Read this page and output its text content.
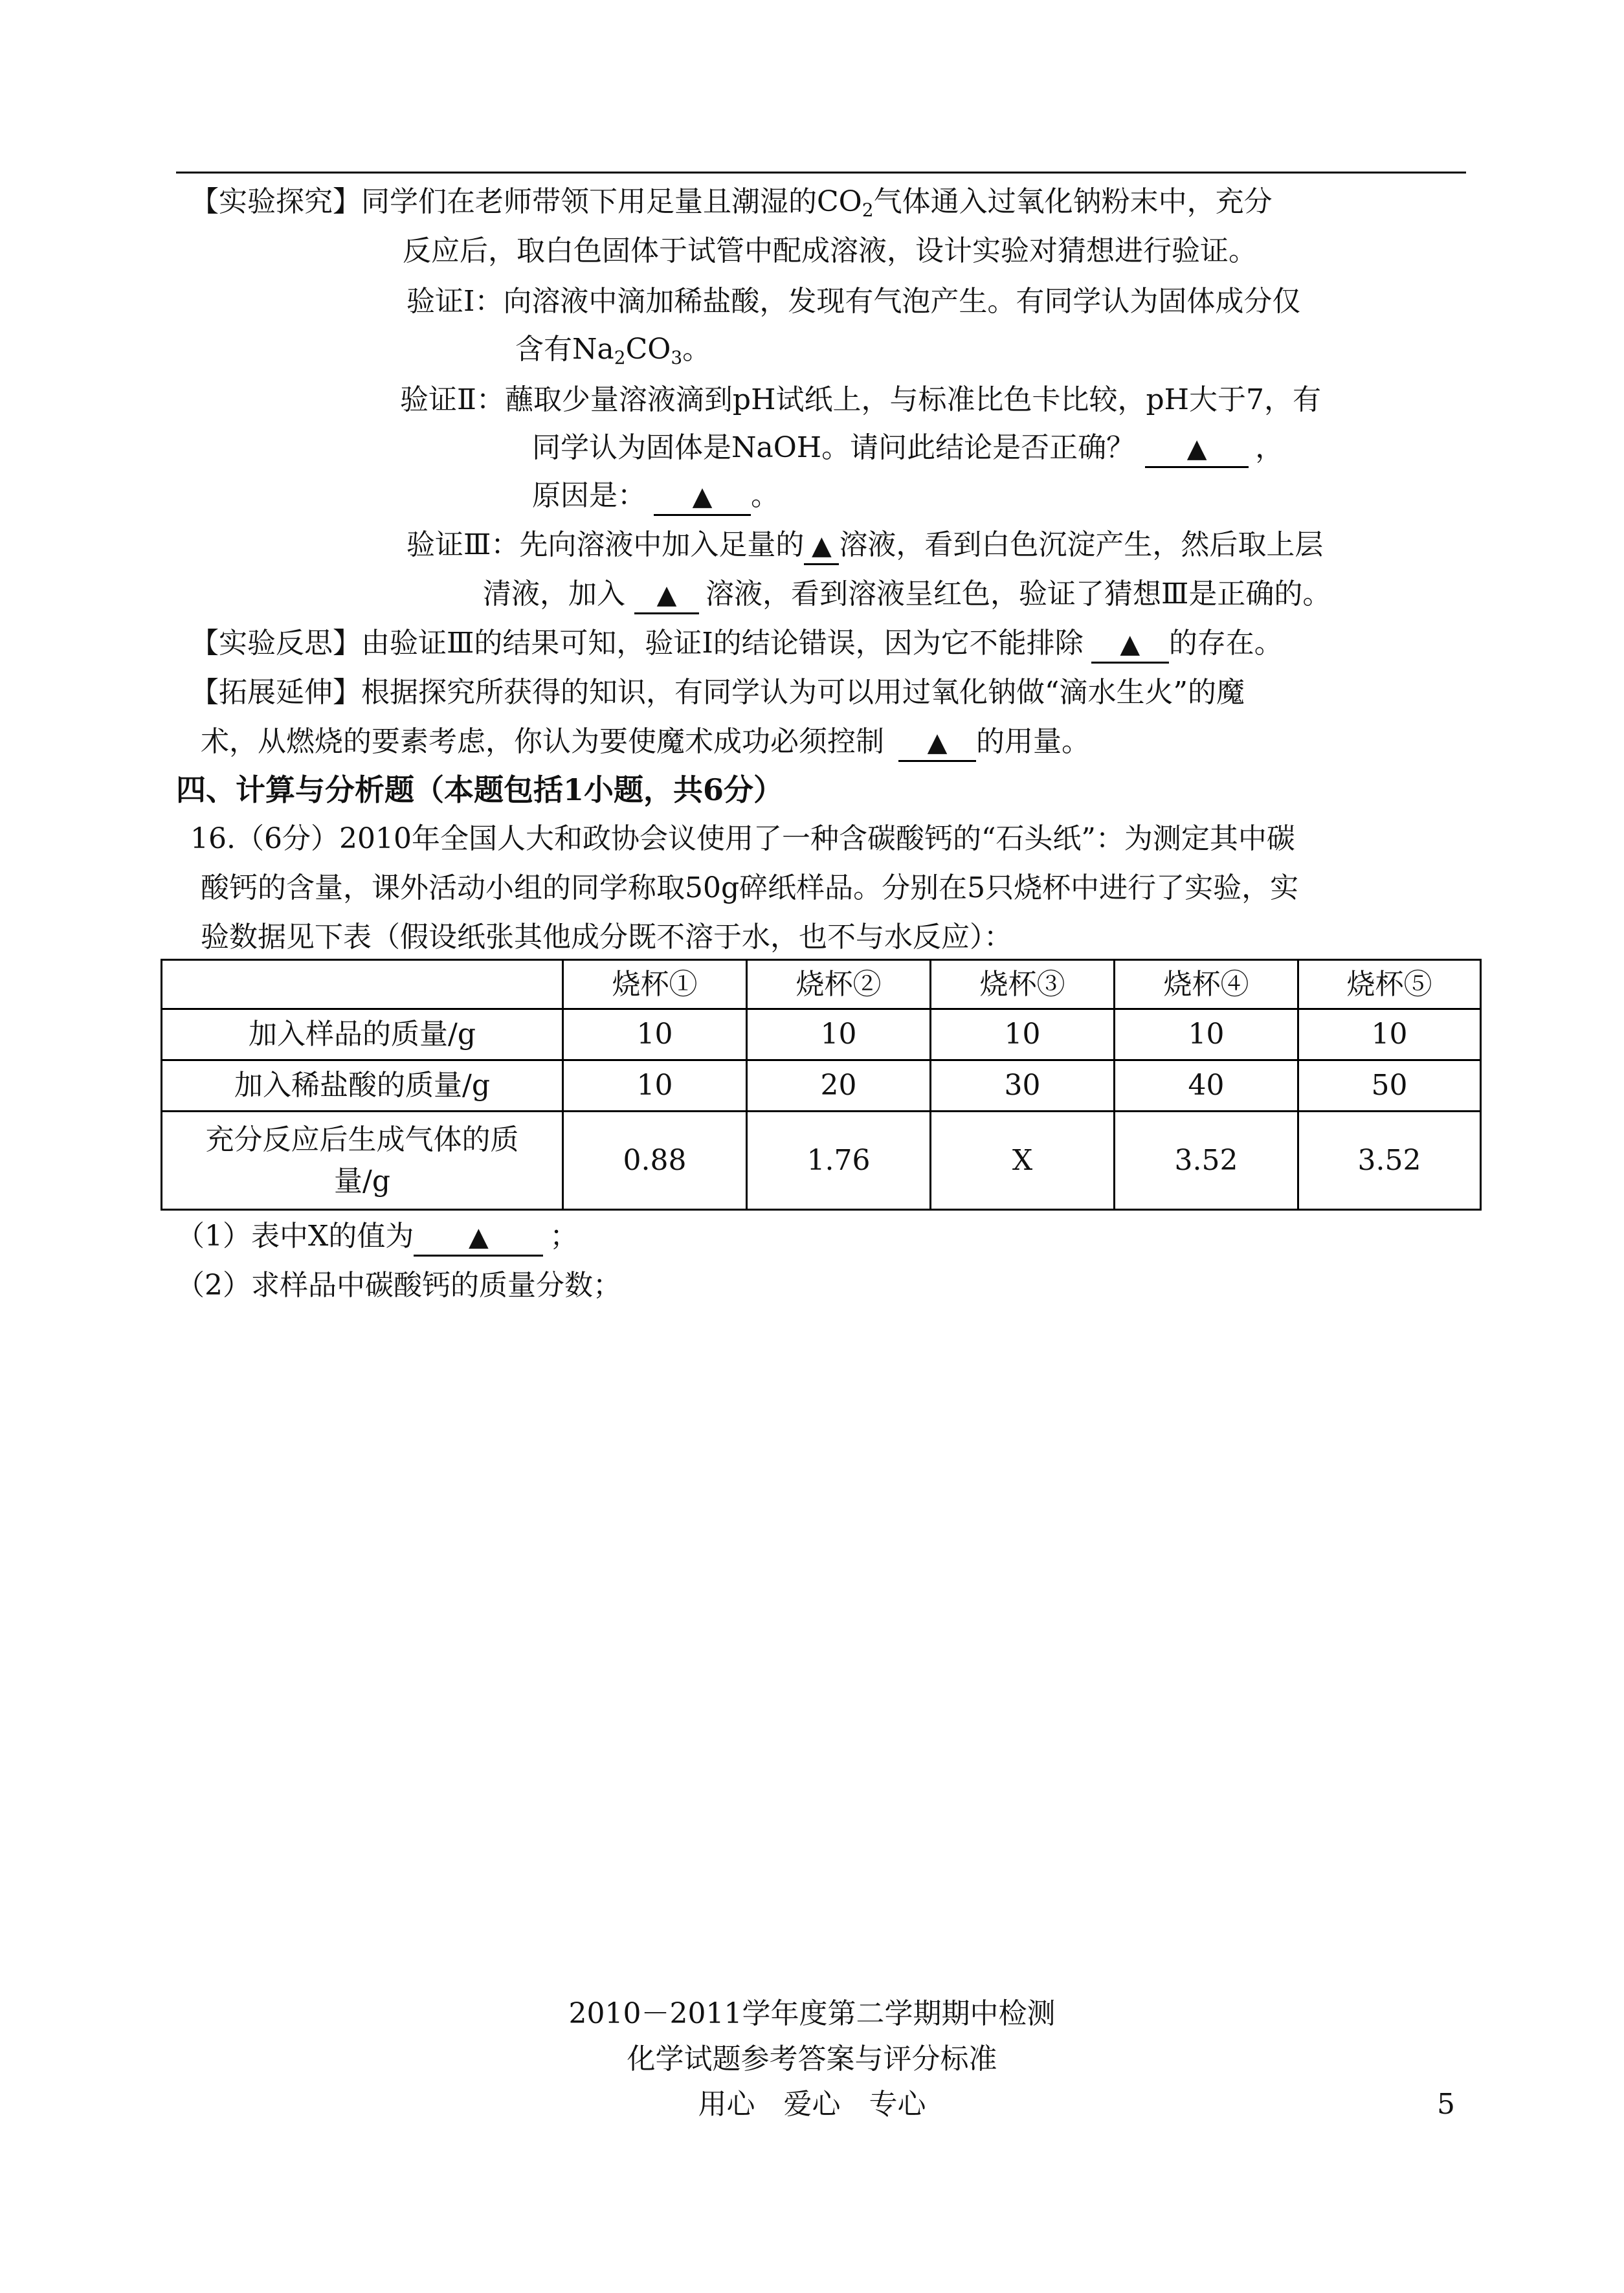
【实验探究】同学们在老师带领下用足量且潮湿的$CO_2$气体通入过氧化钠粉末中，充分
反应后，取白色固体于试管中配成溶液，设计实验对猜想进行验证。
验证Ⅰ：向溶液中滴加稀盐酸，发现有气泡产生。有同学认为固体成分仅
含有$Na_2CO_3$。
验证Ⅱ：蘸取少量溶液滴到pH试纸上，与标准比色卡比较，pH大于7，有
同学认为固体是NaOH。请问此结论是否正确？ ▲ ，
原因是： ▲ 。
验证Ⅲ：先向溶液中加入足量的 ▲ 溶液，看到白色沉淀产生，然后取上层
清液，加入 ▲ 溶液，看到溶液呈红色，验证了猜想Ⅲ是正确的。
【实验反思】由验证Ⅲ的结果可知，验证Ⅰ的结论错误，因为它不能排除 ▲ 的存在。
【拓展延伸】根据探究所获得的知识，有同学认为可以用过氧化钠做“滴水生火”的魔
术，从燃烧的要素考虑，你认为要使魔术成功必须控制 ▲ 的用量。
四、计算与分析题（本题包括1小题，共6分）
16.（6分）2010年全国人大和政协会议使用了一种含碳酸钙的“石头纸”：为测定其中碳
酸钙的含量，课外活动小组的同学称取50g碎纸样品。分别在5只烧杯中进行了实验，实
验数据见下表（假设纸张其他成分既不溶于水，也不与水反应）：
	烧杯①	烧杯②	烧杯③	烧杯④	烧杯⑤
加入样品的质量/g	10	10	10	10	10
加入稀盐酸的质量/g	10	20	30	40	50

充分反应后生成气体的质
量/g	0.88	1.76	X	3.52	3.52
（1）表中X的值为 ▲ ；
（2）求样品中碳酸钙的质量分数；
2010－2011学年度第二学期期中检测
化学试题参考答案与评分标准
用心　爱心　专心	5
